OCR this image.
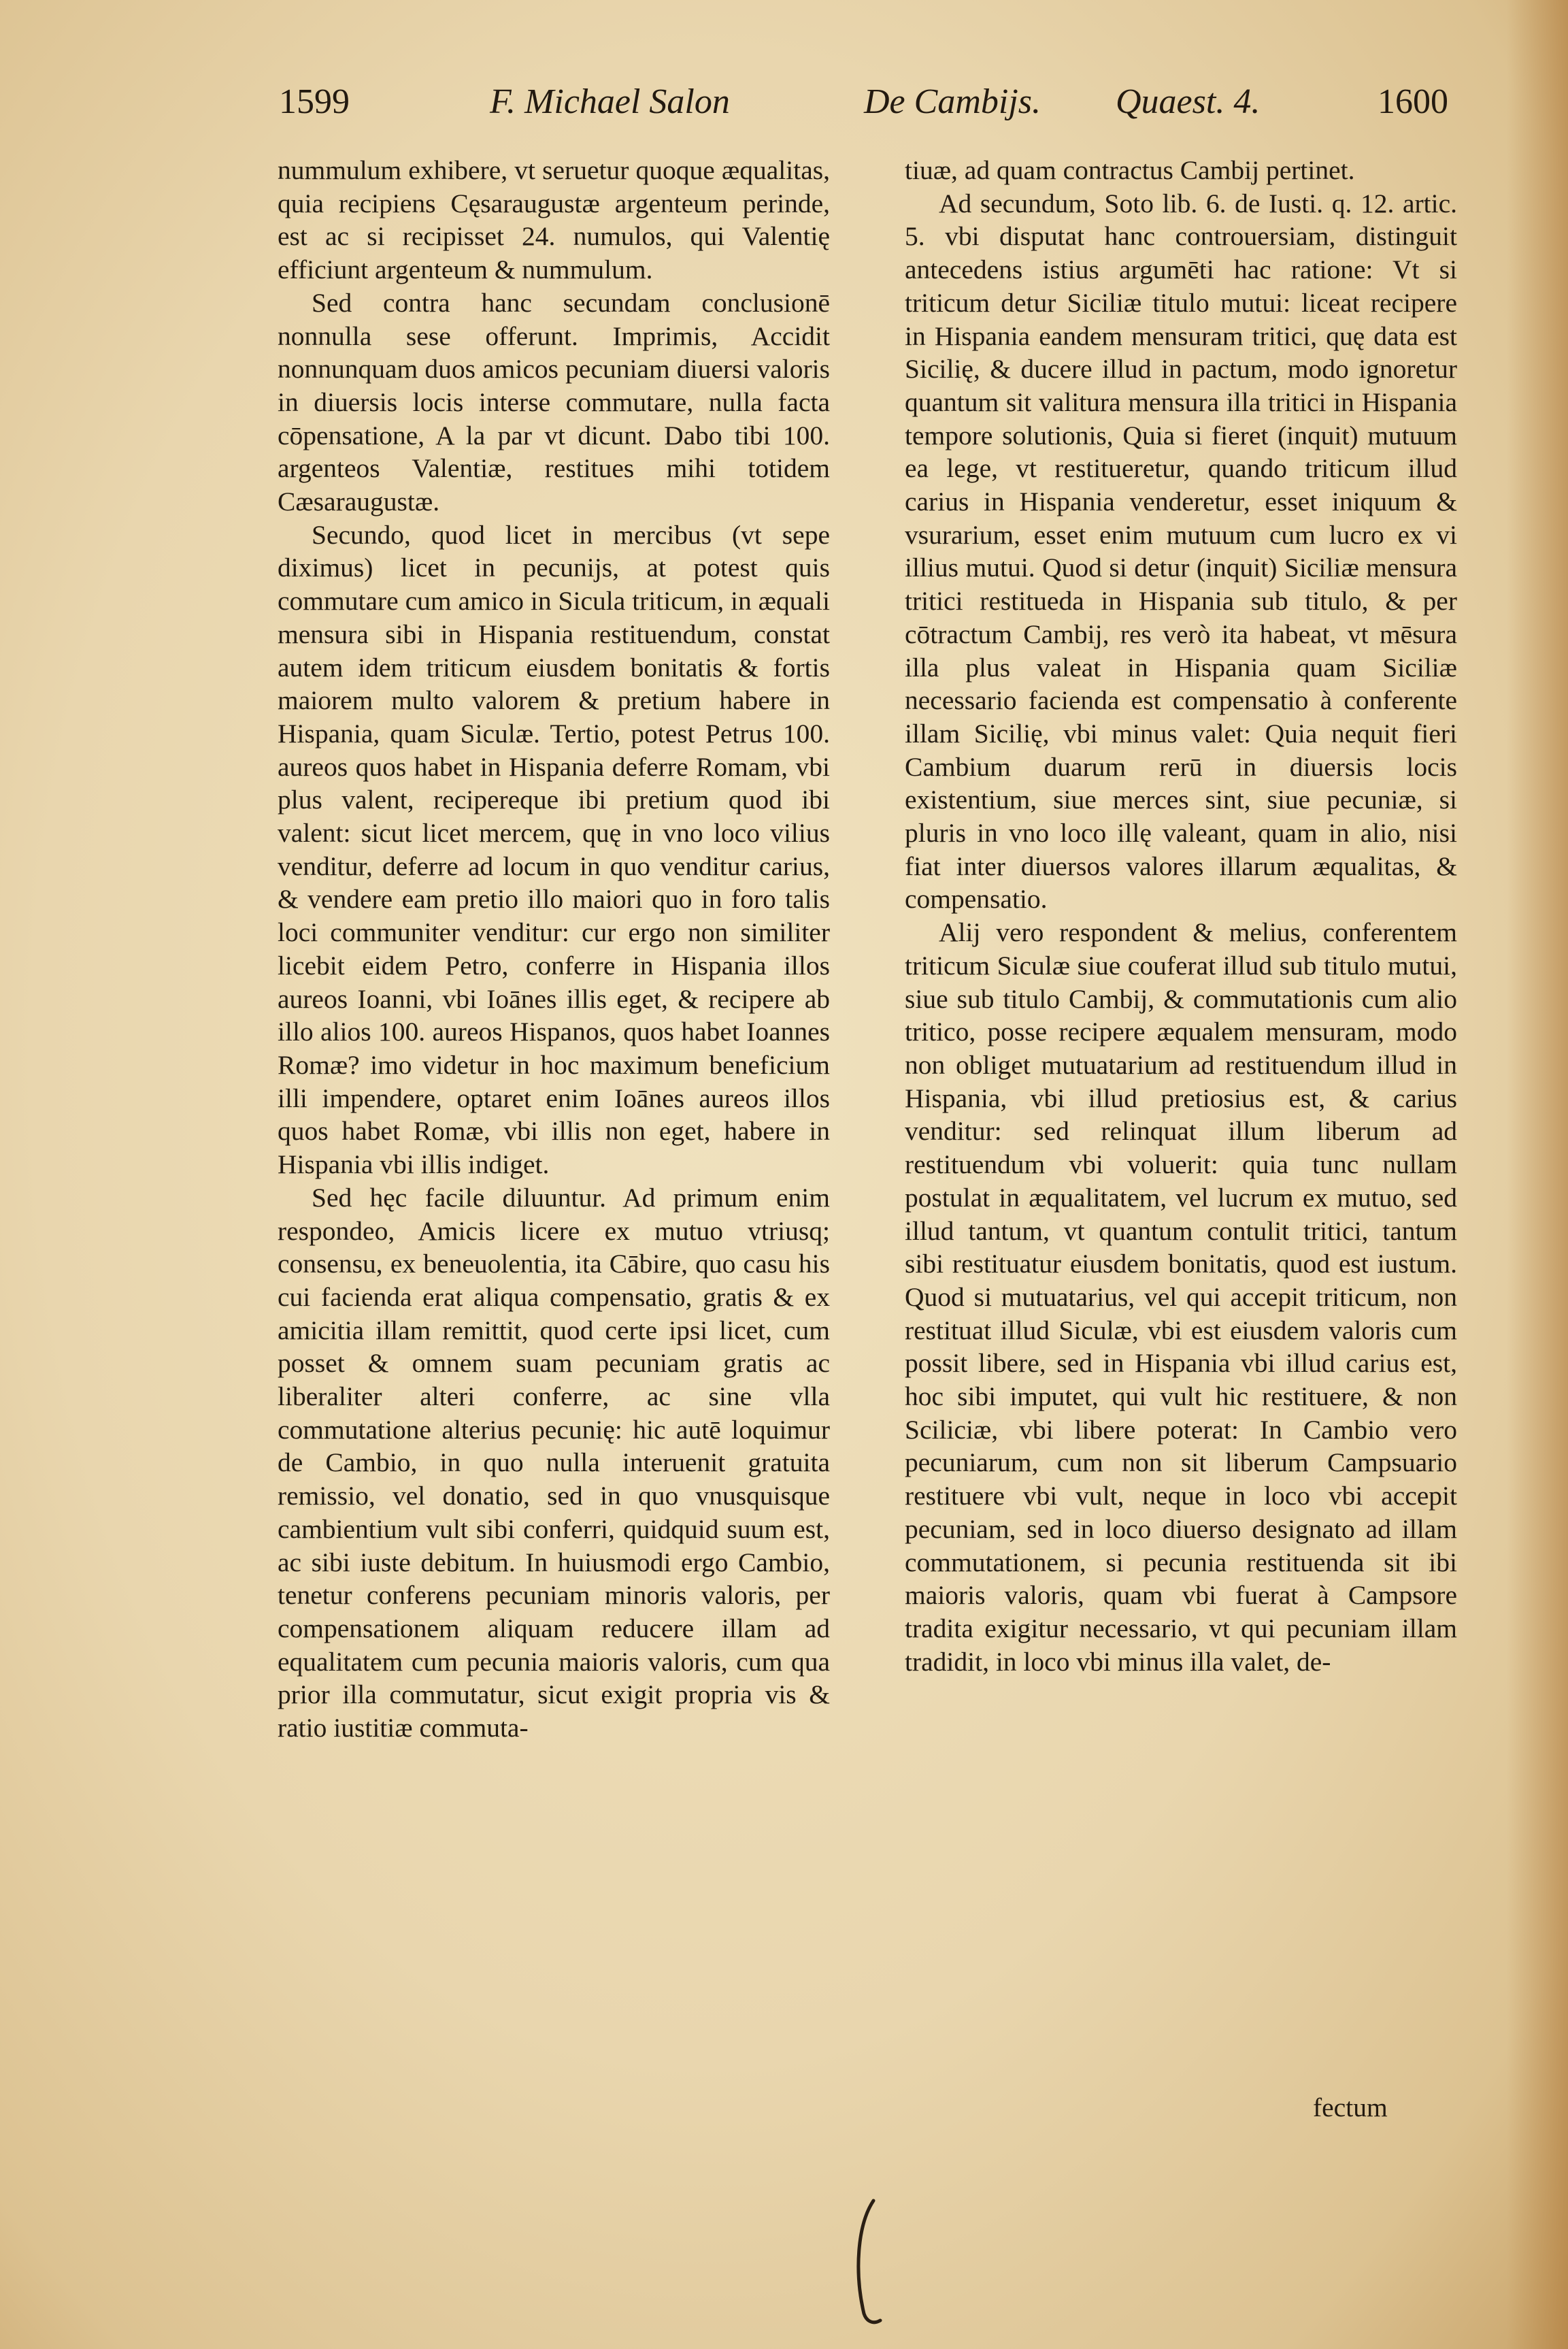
1599	F. Michael Salon	De Cambijs. Quaest. 4.	1600

nummulum exhibere, vt seruetur quoque æqualitas, quia recipiens Cęsaraugustæ argenteum perinde, est ac si recipisset 24. numulos, qui Valentię efficiunt argenteum & nummulum.

Sed contra hanc secundam conclusionē nonnulla sese offerunt. Imprimis, Accidit nonnunquam duos amicos pecuniam diuersi valoris in diuersis locis interse commutare, nulla facta cōpensatione, A la par vt dicunt. Dabo tibi 100. argenteos Valentiæ, restitues mihi totidem Cæsaraugustæ.

Secundo, quod licet in mercibus (vt sepe diximus) licet in pecunijs, at potest quis commutare cum amico in Sicula triticum, in æquali mensura sibi in Hispania restituendum, constat autem idem triticum eiusdem bonitatis & fortis maiorem multo valorem & pretium habere in Hispania, quam Siculæ. Tertio, potest Petrus 100. aureos quos habet in Hispania deferre Romam, vbi plus valent, recipereque ibi pretium quod ibi valent: sicut licet mercem, quę in vno loco vilius venditur, deferre ad locum in quo venditur carius, & vendere eam pretio illo maiori quo in foro talis loci communiter venditur: cur ergo non similiter licebit eidem Petro, conferre in Hispania illos aureos Ioanni, vbi Ioānes illis eget, & recipere ab illo alios 100. aureos Hispanos, quos habet Ioannes Romæ? imo videtur in hoc maximum beneficium illi impendere, optaret enim Ioānes aureos illos quos habet Romæ, vbi illis non eget, habere in Hispania vbi illis indiget.

Sed hęc facile diluuntur. Ad primum enim respondeo, Amicis licere ex mutuo vtriusq; consensu, ex beneuolentia, ita Cābire, quo casu his cui facienda erat aliqua compensatio, gratis & ex amicitia illam remittit, quod certe ipsi licet, cum posset & omnem suam pecuniam gratis ac liberaliter alteri conferre, ac sine vlla commutatione alterius pecunię: hic autē loquimur de Cambio, in quo nulla interuenit gratuita remissio, vel donatio, sed in quo vnusquisque cambientium vult sibi conferri, quidquid suum est, ac sibi iuste debitum. In huiusmodi ergo Cambio, tenetur conferens pecuniam minoris valoris, per compensationem aliquam reducere illam ad equalitatem cum pecunia maioris valoris, cum qua prior illa commutatur, sicut exigit propria vis & ratio iustitiæ commuta-

tiuæ, ad quam contractus Cambij pertinet.

Ad secundum, Soto lib. 6. de Iusti. q. 12. artic. 5. vbi disputat hanc controuersiam, distinguit antecedens istius argumēti hac ratione: Vt si triticum detur Siciliæ titulo mutui: liceat recipere in Hispania eandem mensuram tritici, quę data est Sicilię, & ducere illud in pactum, modo ignoretur quantum sit valitura mensura illa tritici in Hispania tempore solutionis, Quia si fieret (inquit) mutuum ea lege, vt restitueretur, quando triticum illud carius in Hispania venderetur, esset iniquum & vsurarium, esset enim mutuum cum lucro ex vi illius mutui. Quod si detur (inquit) Siciliæ mensura tritici restitueda in Hispania sub titulo, & per cōtractum Cambij, res verò ita habeat, vt mēsura illa plus valeat in Hispania quam Siciliæ necessario facienda est compensatio à conferente illam Sicilię, vbi minus valet: Quia nequit fieri Cambium duarum rerū in diuersis locis existentium, siue merces sint, siue pecuniæ, si pluris in vno loco illę valeant, quam in alio, nisi fiat inter diuersos valores illarum æqualitas, & compensatio.

Alij vero respondent & melius, conferentem triticum Siculæ siue couferat illud sub titulo mutui, siue sub titulo Cambij, & commutationis cum alio tritico, posse recipere æqualem mensuram, modo non obliget mutuatarium ad restituendum illud in Hispania, vbi illud pretiosius est, & carius venditur: sed relinquat illum liberum ad restituendum vbi voluerit: quia tunc nullam postulat in æqualitatem, vel lucrum ex mutuo, sed illud tantum, vt quantum contulit tritici, tantum sibi restituatur eiusdem bonitatis, quod est iustum. Quod si mutuatarius, vel qui accepit triticum, non restituat illud Siculæ, vbi est eiusdem valoris cum possit libere, sed in Hispania vbi illud carius est, hoc sibi imputet, qui vult hic restituere, & non Sciliciæ, vbi libere poterat: In Cambio vero pecuniarum, cum non sit liberum Campsuario restituere vbi vult, neque in loco vbi accepit pecuniam, sed in loco diuerso designato ad illam commutationem, si pecunia restituenda sit ibi maioris valoris, quam vbi fuerat à Campsore tradita exigitur necessario, vt qui pecuniam illam tradidit, in loco vbi minus illa valet, de-

fectum
